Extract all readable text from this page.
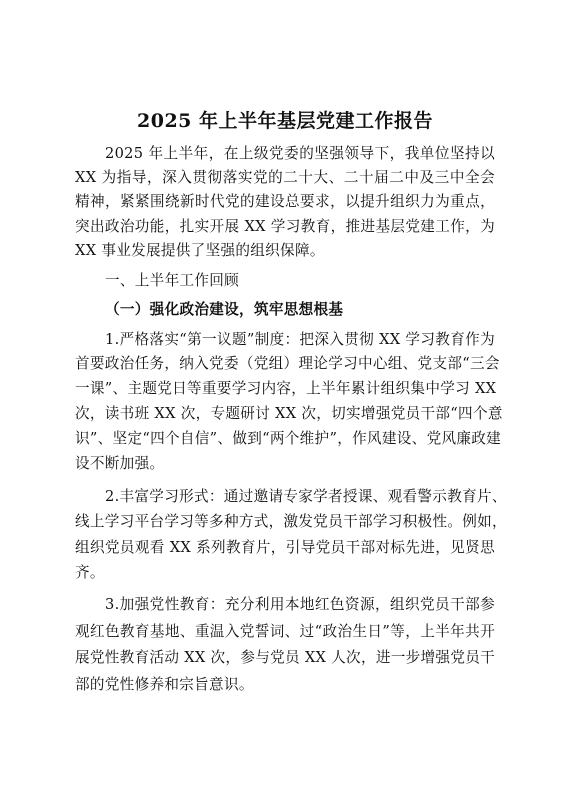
2025 年上半年基层党建工作报告
2025 年上半年，在上级党委的坚强领导下，我单位坚持以
XX 为指导，深入贯彻落实党的二十大、二十届二中及三中全会
精神，紧紧围绕新时代党的建设总要求，以提升组织力为重点，
突出政治功能，扎实开展 XX 学习教育，推进基层党建工作，为
XX 事业发展提供了坚强的组织保障。
一、上半年工作回顾
（一）强化政治建设，筑牢思想根基
1.严格落实“第一议题”制度：把深入贯彻 XX 学习教育作为
首要政治任务，纳入党委（党组）理论学习中心组、党支部“三会
一课”、主题党日等重要学习内容，上半年累计组织集中学习 XX
次，读书班 XX 次，专题研讨 XX 次，切实增强党员干部“四个意
识”、坚定“四个自信”、做到“两个维护”，作风建设、党风廉政建
设不断加强。
2.丰富学习形式：通过邀请专家学者授课、观看警示教育片、
线上学习平台学习等多种方式，激发党员干部学习积极性。例如，
组织党员观看 XX 系列教育片，引导党员干部对标先进，见贤思
齐。
3.加强党性教育：充分利用本地红色资源，组织党员干部参
观红色教育基地、重温入党誓词、过“政治生日”等，上半年共开
展党性教育活动 XX 次，参与党员 XX 人次，进一步增强党员干
部的党性修养和宗旨意识。
